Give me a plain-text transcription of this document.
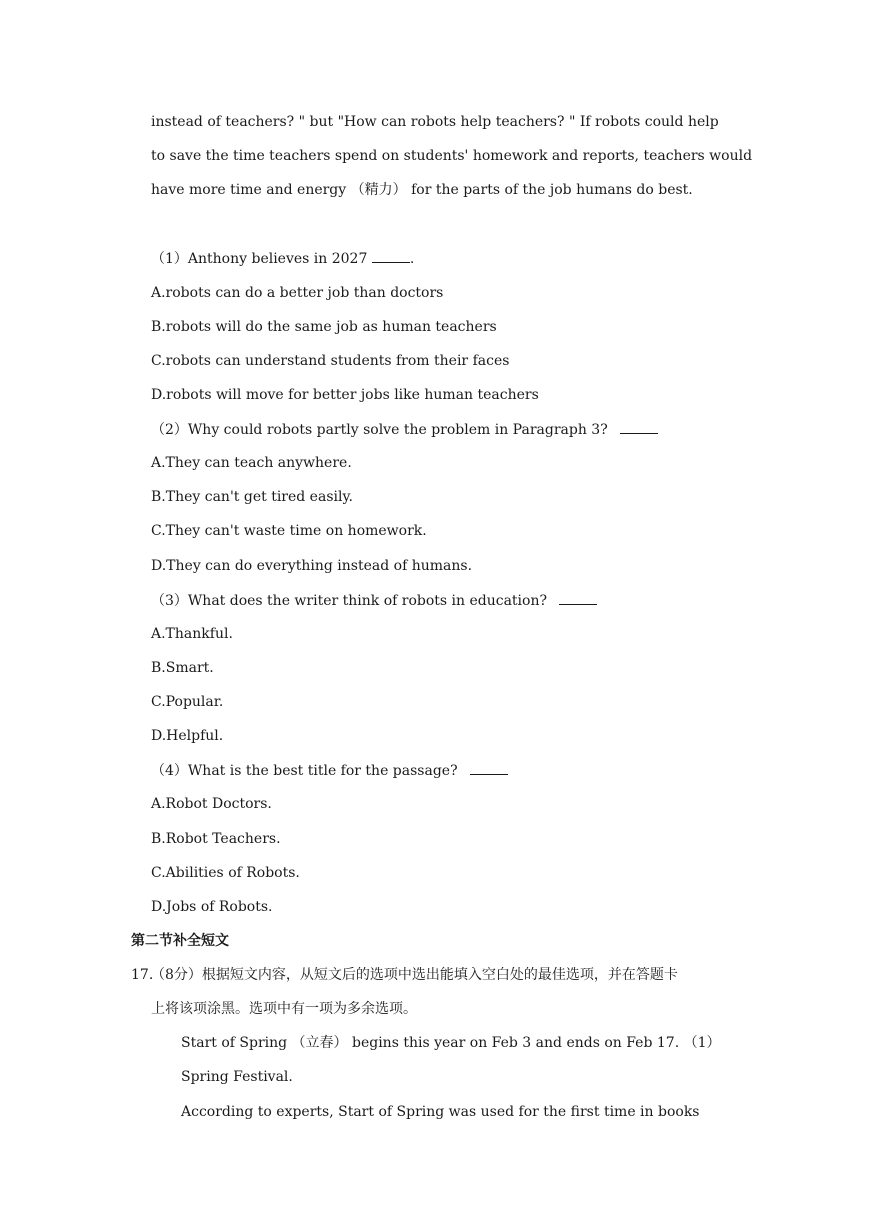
instead of teachers? " but "How can robots help teachers? " If robots could help
to save the time teachers spend on students' homework and reports, teachers would
have more time and energy （精力） for the parts of the job humans do best.
（1）Anthony believes in 2027	.
A.robots can do a better job than doctors
B.robots will do the same job as human teachers
C.robots can understand students from their faces
D.robots will move for better jobs like human teachers
（2）Why could robots partly solve the problem in Paragraph 3?
A.They can teach anywhere.
B.They can't get tired easily.
C.They can't waste time on homework.
D.They can do everything instead of humans.
（3）What does the writer think of robots in education?
A.Thankful.
B.Smart.
C.Popular.
D.Helpful.
（4）What is the best title for the passage?
A.Robot Doctors.
B.Robot Teachers.
C.Abilities of Robots.
D.Jobs of Robots.
第二节补全短文
17.
（8分）根据短文内容，从短文后的选项中选出能填入空白处的最佳选项，并在答题卡
上将该项涂黑。选项中有一项为多余选项。
Start of Spring （立春） begins this year on Feb 3 and ends on Feb 17. （1）
Spring Festival.
According to experts, Start of Spring was used for the first time in books
